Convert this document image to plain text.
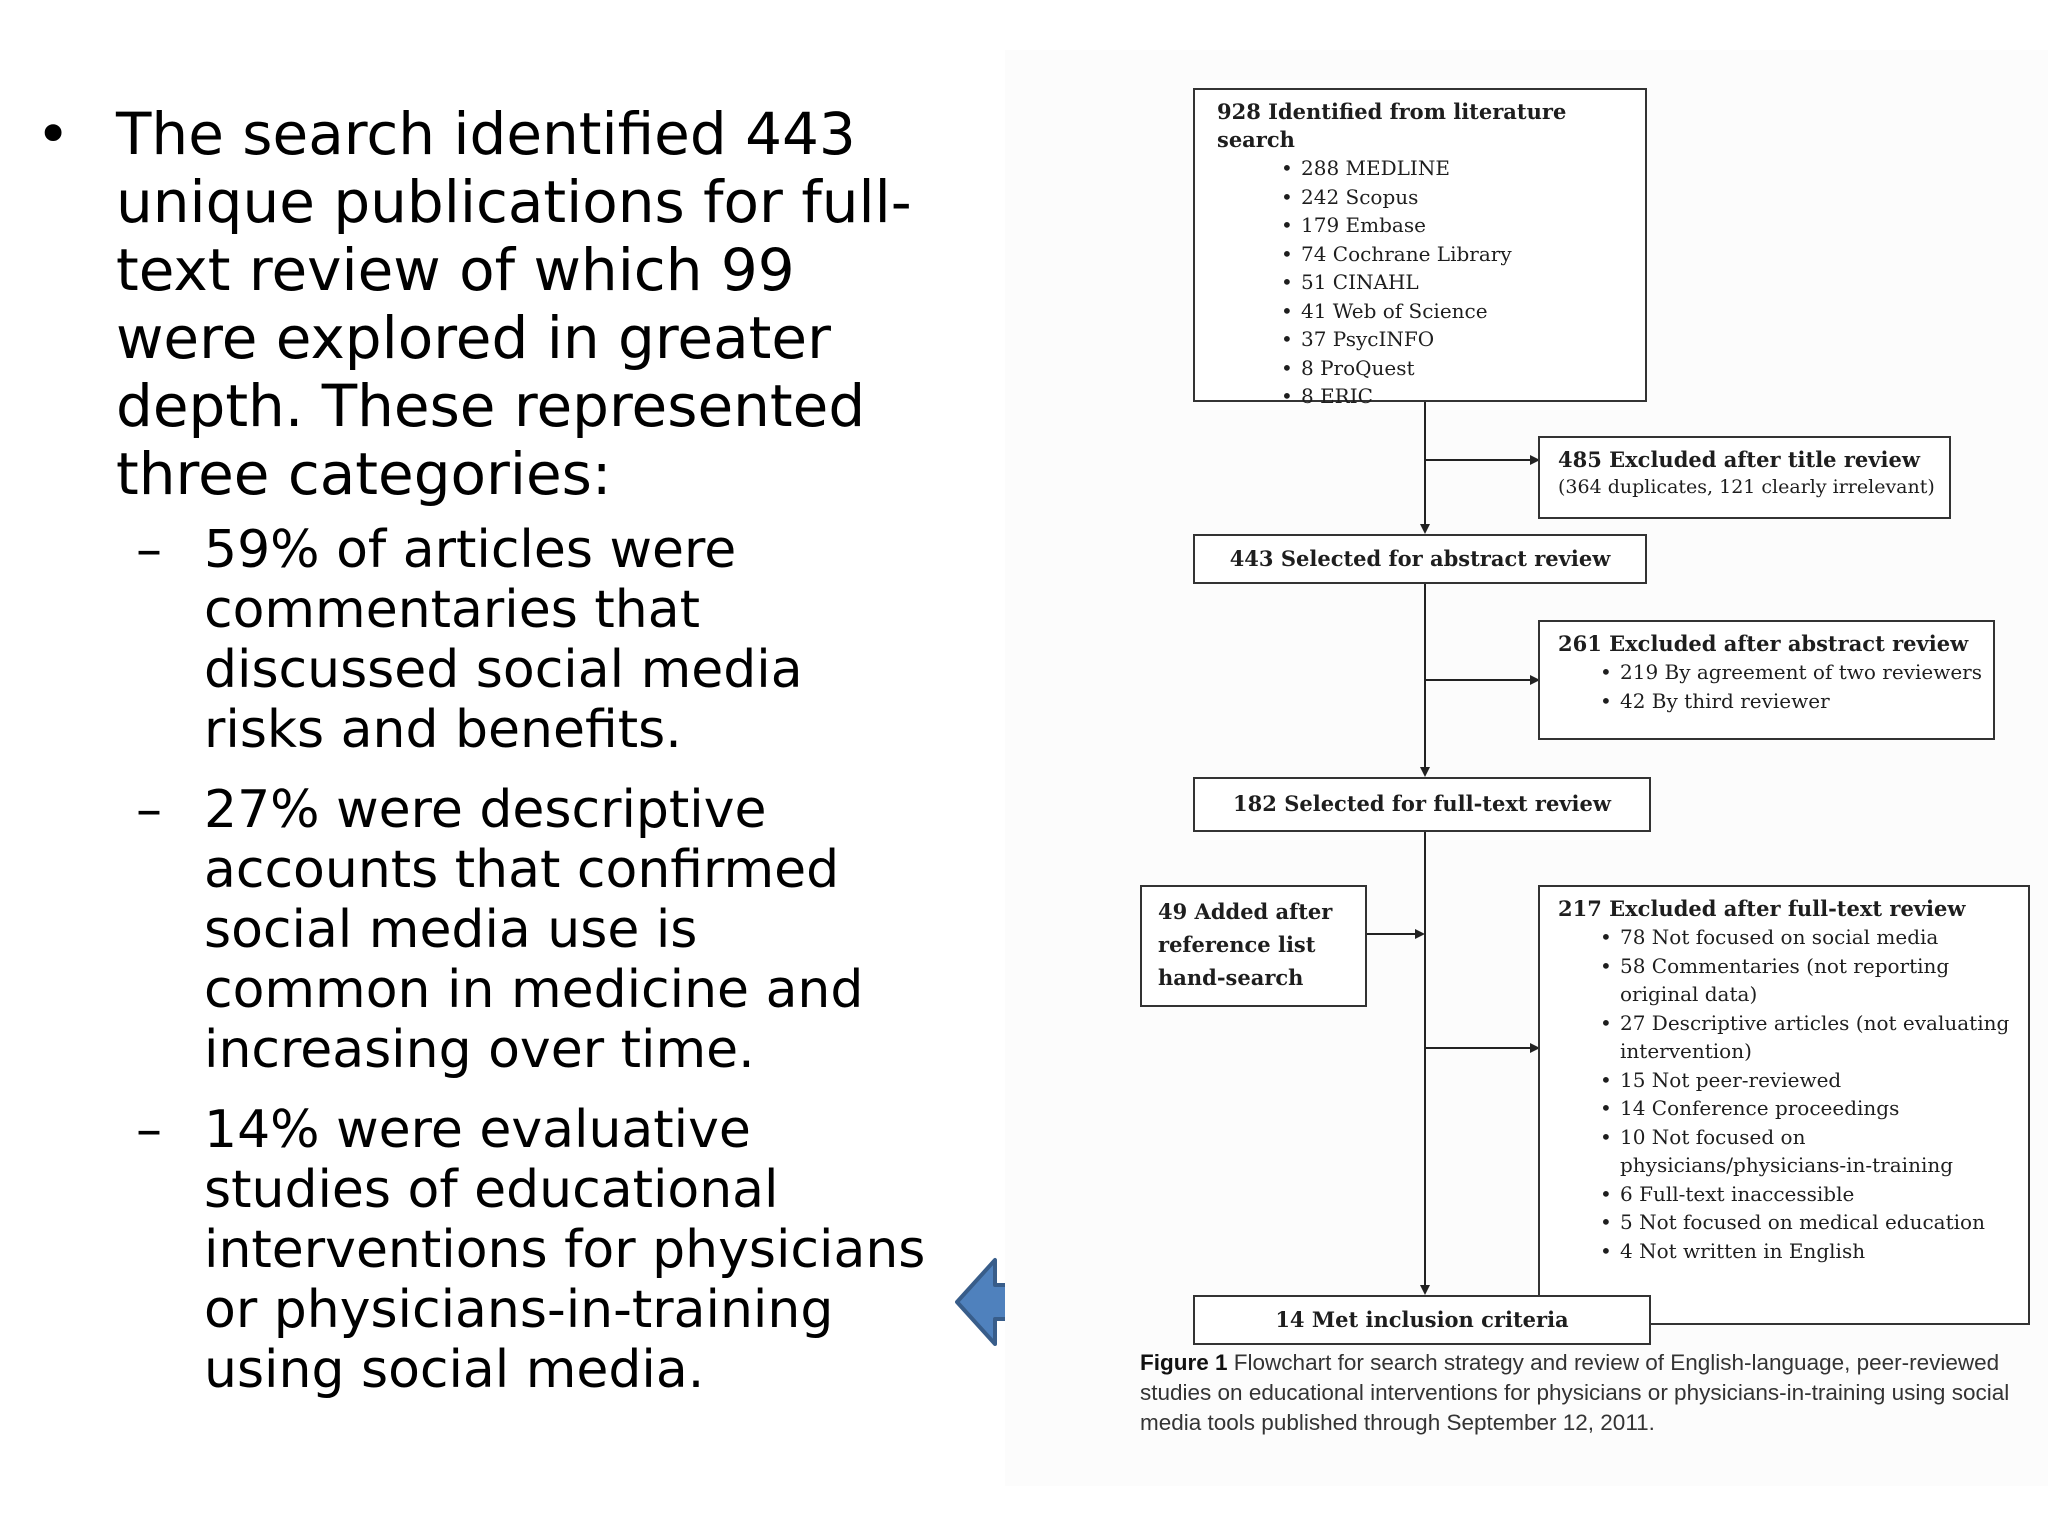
• The search identified 443 unique publications for full-text review of which 99 were explored in greater depth. These represented three categories:
– 59% of articles were commentaries that discussed social media risks and benefits.
– 27% were descriptive accounts that confirmed social media use is common in medicine and increasing over time.
– 14% were evaluative studies of educational interventions for physicians or physicians-in-training using social media.
928 Identified from literature search
• 288 MEDLINE
• 242 Scopus
• 179 Embase
• 74 Cochrane Library
• 51 CINAHL
• 41 Web of Science
• 37 PsycINFO
• 8 ProQuest
• 8 ERIC
485 Excluded after title review
(364 duplicates, 121 clearly irrelevant)
443 Selected for abstract review
261 Excluded after abstract review
• 219 By agreement of two reviewers
• 42 By third reviewer
182 Selected for full-text review
49 Added after reference list hand-search
217 Excluded after full-text review
• 78 Not focused on social media
• 58 Commentaries (not reporting original data)
• 27 Descriptive articles (not evaluating intervention)
• 15 Not peer-reviewed
• 14 Conference proceedings
• 10 Not focused on physicians/physicians-in-training
• 6 Full-text inaccessible
• 5 Not focused on medical education
• 4 Not written in English
14 Met inclusion criteria
Figure 1 Flowchart for search strategy and review of English-language, peer-reviewed studies on educational interventions for physicians or physicians-in-training using social media tools published through September 12, 2011.
